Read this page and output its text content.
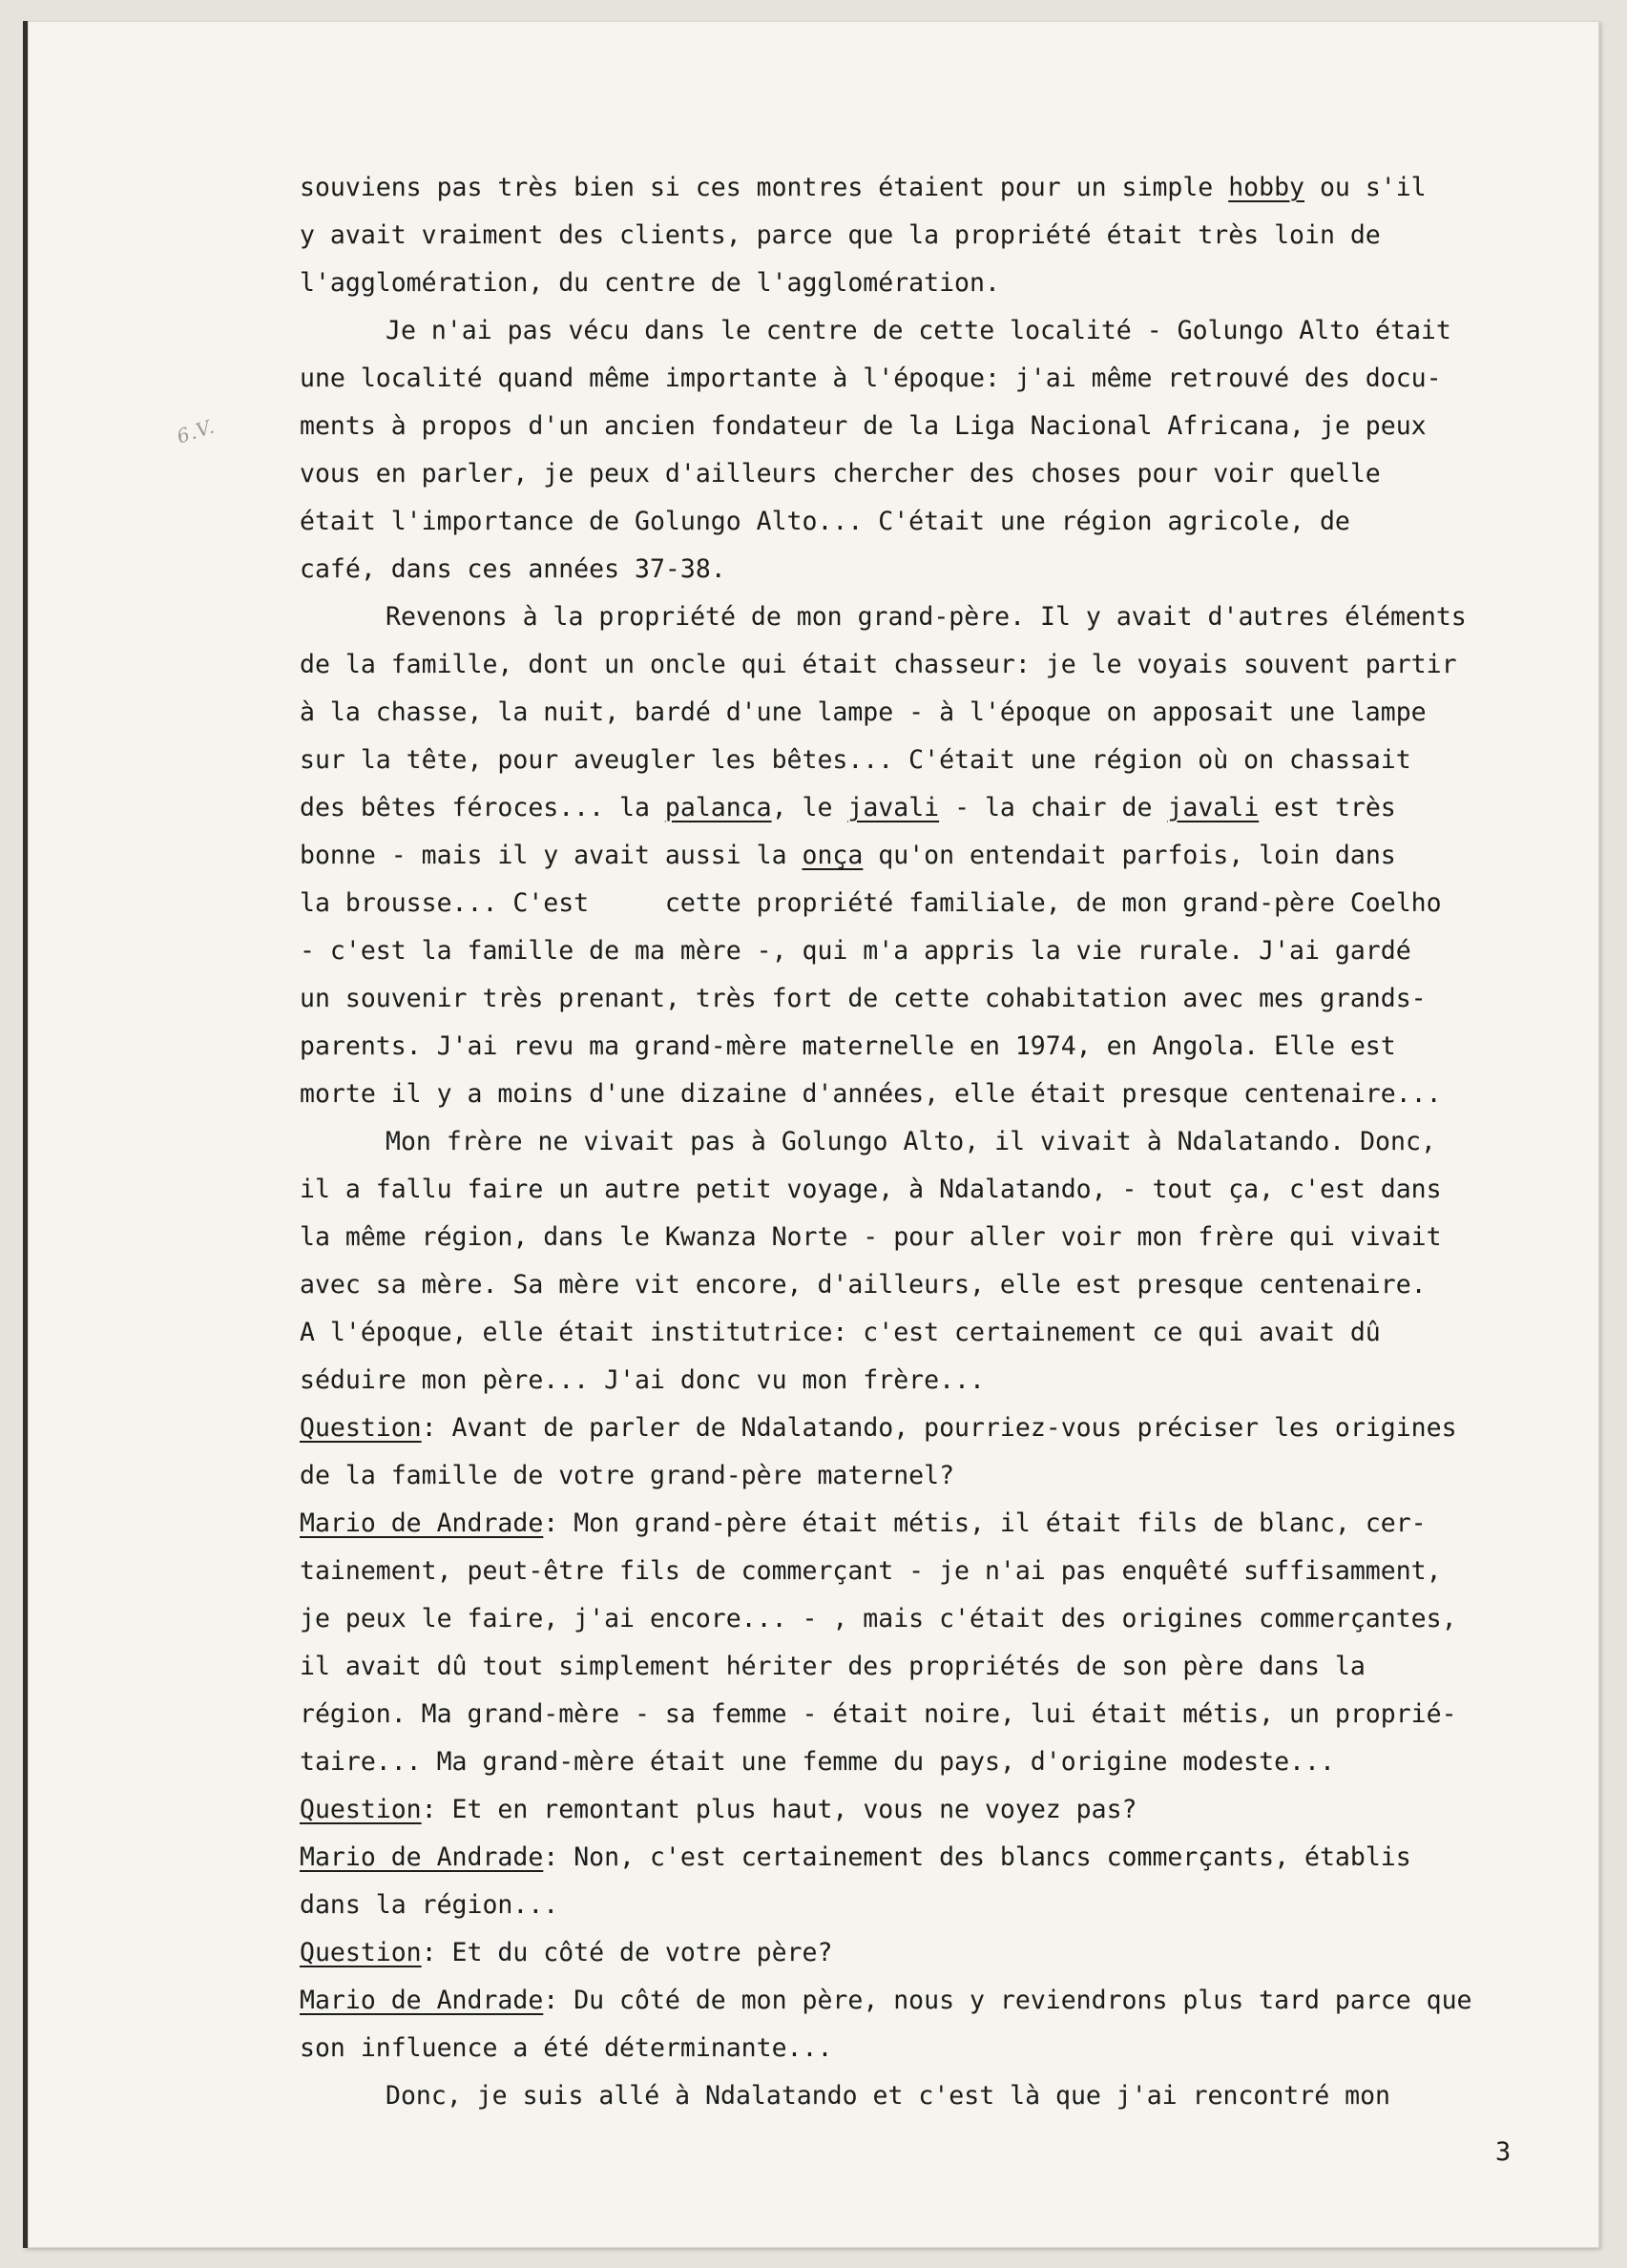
6.V.
souviens pas très bien si ces montres étaient pour un simple hobby ou s'il
y avait vraiment des clients, parce que la propriété était très loin de
l'agglomération, du centre de l'agglomération.
Je n'ai pas vécu dans le centre de cette localité - Golungo Alto était
une localité quand même importante à l'époque: j'ai même retrouvé des docu-
ments à propos d'un ancien fondateur de la Liga Nacional Africana, je peux
vous en parler, je peux d'ailleurs chercher des choses pour voir quelle
était l'importance de Golungo Alto... C'était une région agricole, de
café, dans ces années 37-38.
Revenons à la propriété de mon grand-père. Il y avait d'autres éléments
de la famille, dont un oncle qui était chasseur: je le voyais souvent partir
à la chasse, la nuit, bardé d'une lampe - à l'époque on apposait une lampe
sur la tête, pour aveugler les bêtes... C'était une région où on chassait
des bêtes féroces... la palanca, le javali - la chair de javali est très
bonne - mais il y avait aussi la onça qu'on entendait parfois, loin dans
la brousse... C'est     cette propriété familiale, de mon grand-père Coelho
- c'est la famille de ma mère -, qui m'a appris la vie rurale. J'ai gardé
un souvenir très prenant, très fort de cette cohabitation avec mes grands-
parents. J'ai revu ma grand-mère maternelle en 1974, en Angola. Elle est
morte il y a moins d'une dizaine d'années, elle était presque centenaire...
Mon frère ne vivait pas à Golungo Alto, il vivait à Ndalatando. Donc,
il a fallu faire un autre petit voyage, à Ndalatando, - tout ça, c'est dans
la même région, dans le Kwanza Norte - pour aller voir mon frère qui vivait
avec sa mère. Sa mère vit encore, d'ailleurs, elle est presque centenaire.
A l'époque, elle était institutrice: c'est certainement ce qui avait dû
séduire mon père... J'ai donc vu mon frère...
Question: Avant de parler de Ndalatando, pourriez-vous préciser les origines
de la famille de votre grand-père maternel?
Mario de Andrade: Mon grand-père était métis, il était fils de blanc, cer-
tainement, peut-être fils de commerçant - je n'ai pas enquêté suffisamment,
je peux le faire, j'ai encore... - , mais c'était des origines commerçantes,
il avait dû tout simplement hériter des propriétés de son père dans la
région. Ma grand-mère - sa femme - était noire, lui était métis, un proprié-
taire... Ma grand-mère était une femme du pays, d'origine modeste...
Question: Et en remontant plus haut, vous ne voyez pas?
Mario de Andrade: Non, c'est certainement des blancs commerçants, établis
dans la région...
Question: Et du côté de votre père?
Mario de Andrade: Du côté de mon père, nous y reviendrons plus tard parce que
son influence a été déterminante...
Donc, je suis allé à Ndalatando et c'est là que j'ai rencontré mon
3
